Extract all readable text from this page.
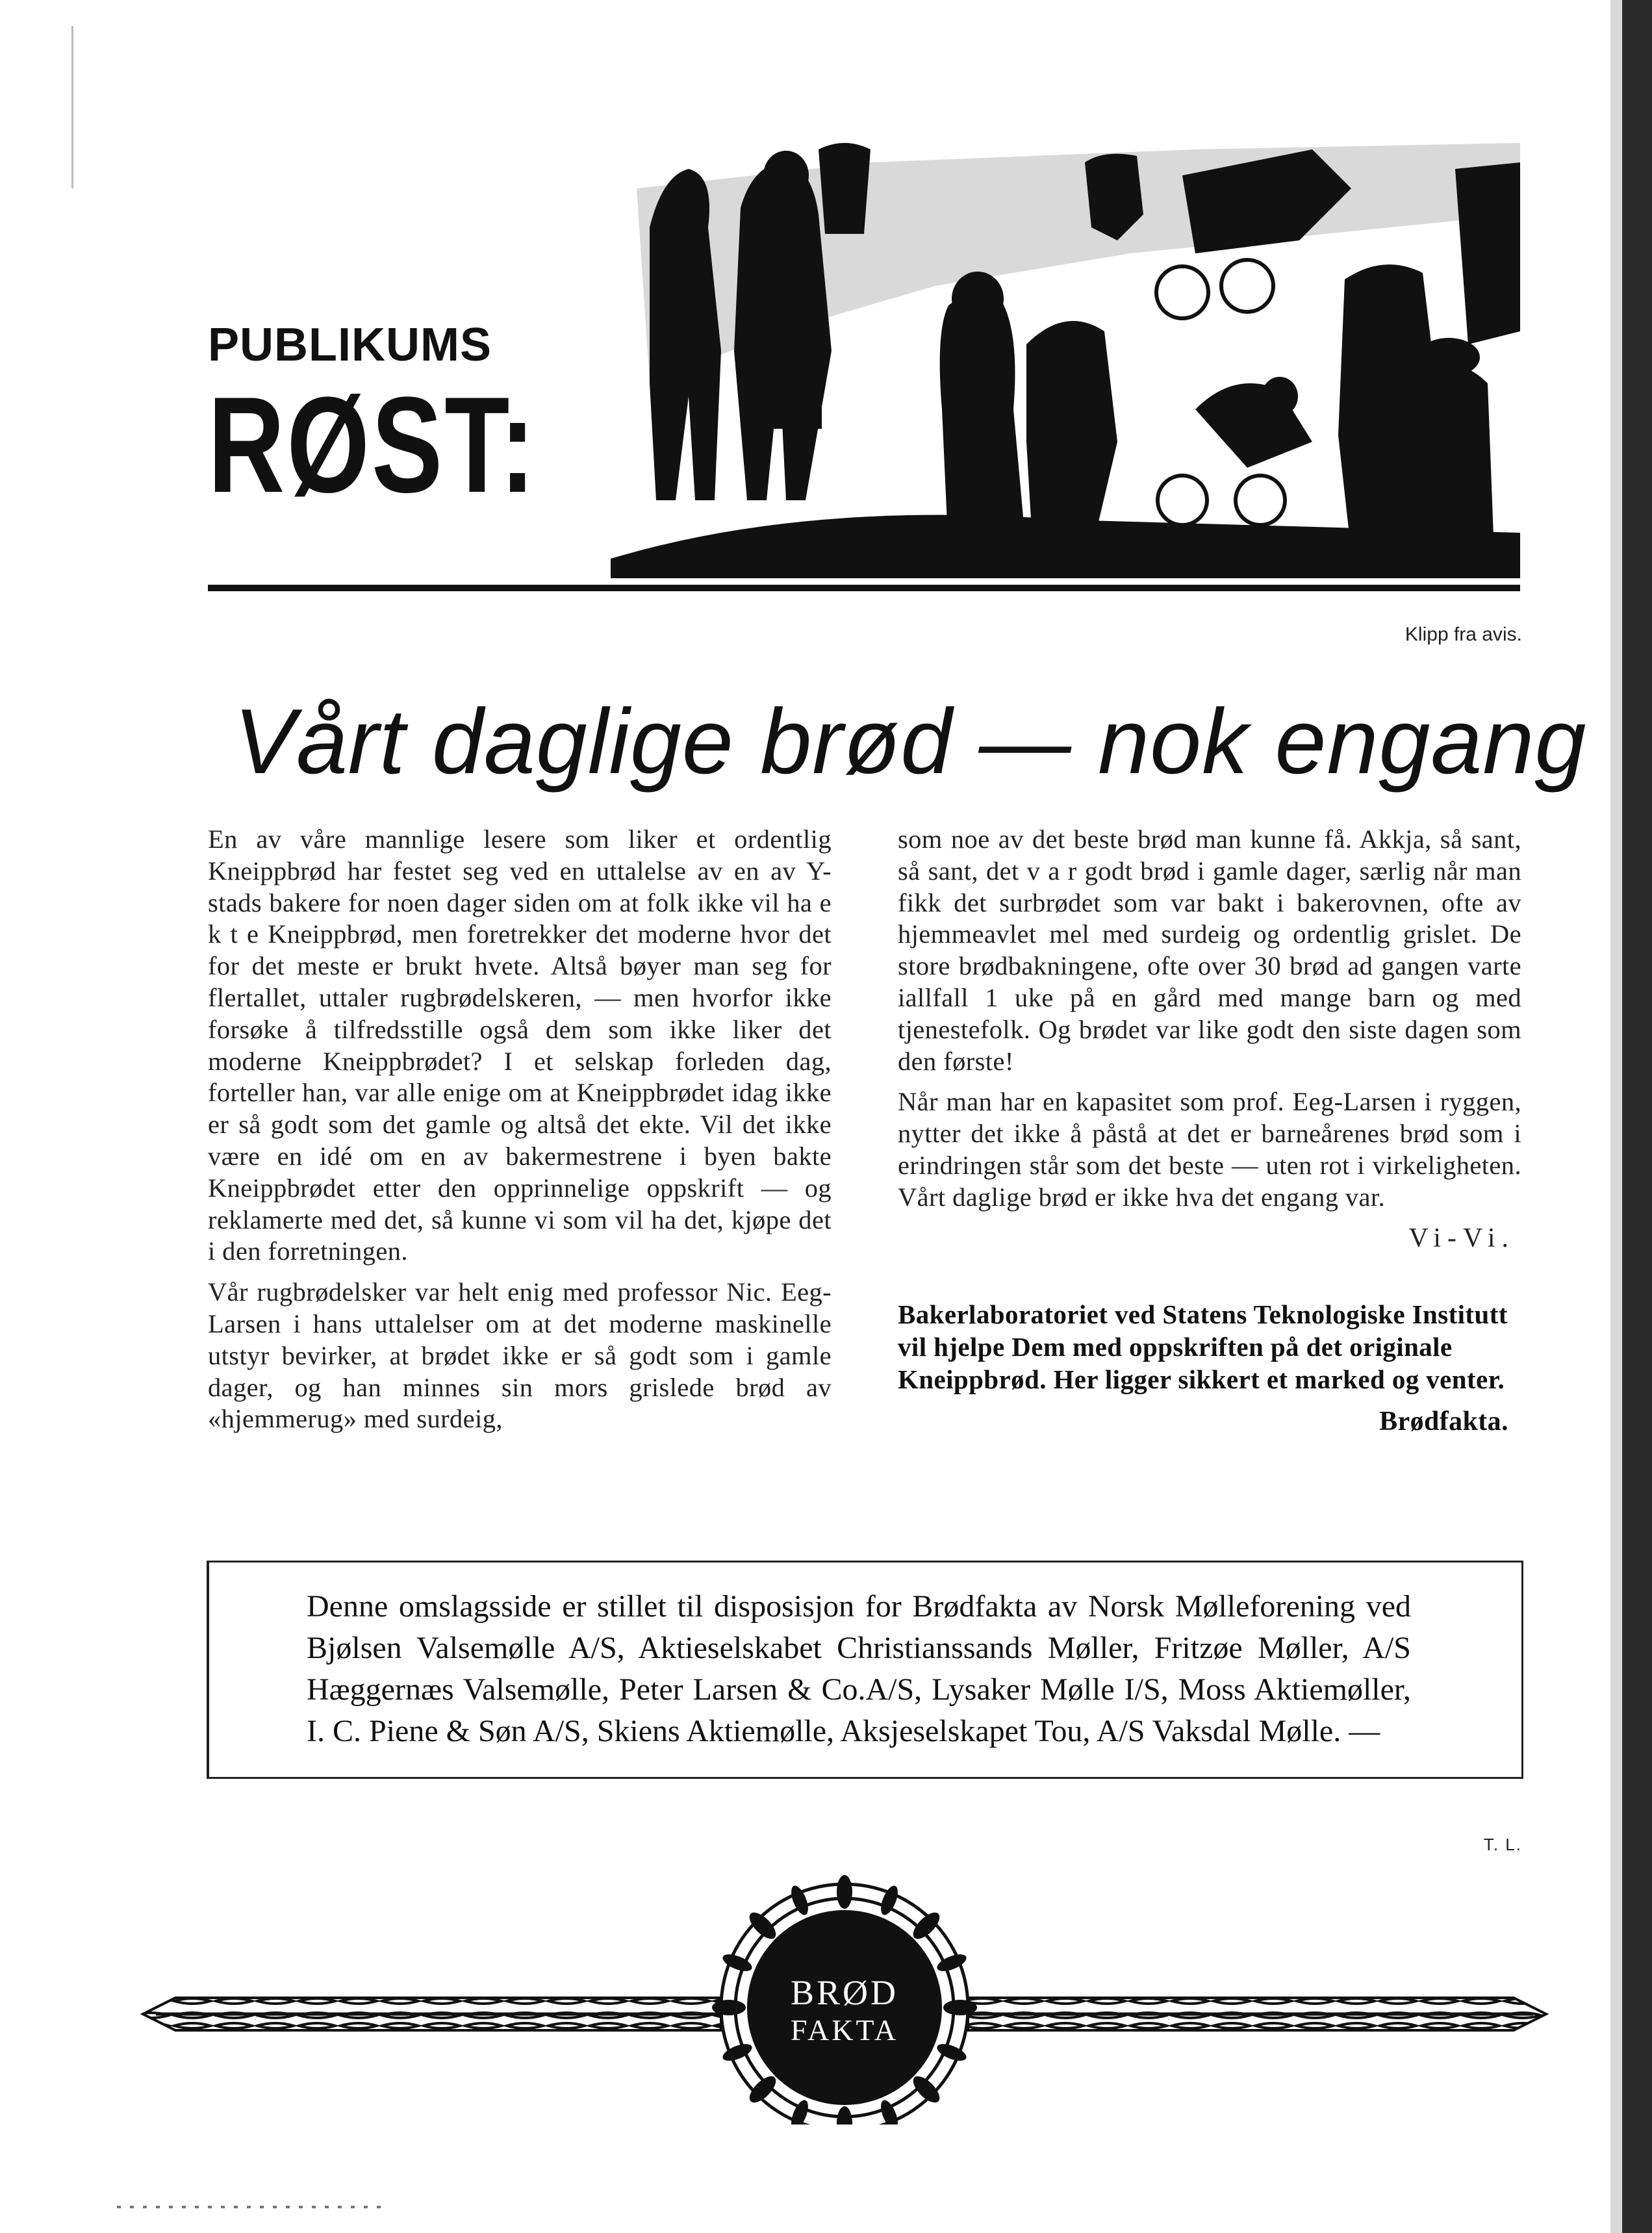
PUBLIKUMS
RØST:
Klipp fra avis.
Vårt daglige brød — nok engang

En av våre mannlige lesere som liker et ordentlig Kneippbrød har festet seg ved en uttalelse av en av Y-stads bakere for noen dager siden om at folk ikke vil ha e k t e Kneippbrød, men foretrekker det moderne hvor det for det meste er brukt hvete. Altså bøyer man seg for flertallet, uttaler rugbrødelskeren, — men hvorfor ikke forsøke å tilfredsstille også dem som ikke liker det moderne Kneippbrødet? I et selskap forleden dag, forteller han, var alle enige om at Kneippbrødet idag ikke er så godt som det gamle og altså det ekte. Vil det ikke være en idé om en av bakermestrene i byen bakte Kneippbrødet etter den opprinnelige oppskrift — og reklamerte med det, så kunne vi som vil ha det, kjøpe det i den forretningen.

Vår rugbrødelsker var helt enig med professor Nic. Eeg-Larsen i hans uttalelser om at det moderne maskinelle utstyr bevirker, at brødet ikke er så godt som i gamle dager, og han minnes sin mors grislede brød av «hjemmerug» med surdeig,

som noe av det beste brød man kunne få. Akkja, så sant, så sant, det v a r godt brød i gamle dager, særlig når man fikk det surbrødet som var bakt i bakerovnen, ofte av hjemmeavlet mel med surdeig og ordentlig grislet. De store brødbakningene, ofte over 30 brød ad gangen varte iallfall 1 uke på en gård med mange barn og med tjenestefolk. Og brødet var like godt den siste dagen som den første!

Når man har en kapasitet som prof. Eeg-Larsen i ryggen, nytter det ikke å påstå at det er barneårenes brød som i erindringen står som det beste — uten rot i virkeligheten. Vårt daglige brød er ikke hva det engang var.

Vi-Vi.
Bakerlaboratoriet ved Statens Teknologiske Institutt vil hjelpe Dem med oppskriften på det originale Kneippbrød. Her ligger sikkert et marked og venter.
Brødfakta.
Denne omslagsside er stillet til disposisjon for Brødfakta av Norsk Mølleforening ved Bjølsen Valsemølle A/S, Aktieselskabet Christianssands Møller, Fritzøe Møller, A/S Hæggernæs Valsemølle, Peter Larsen & Co.A/S, Lysaker Mølle I/S, Moss Aktiemøller, I. C. Piene & Søn A/S, Skiens Aktiemølle, Aksjeselskapet Tou, A/S Vaksdal Mølle. —
T. L.
BRØD
FAKTA
